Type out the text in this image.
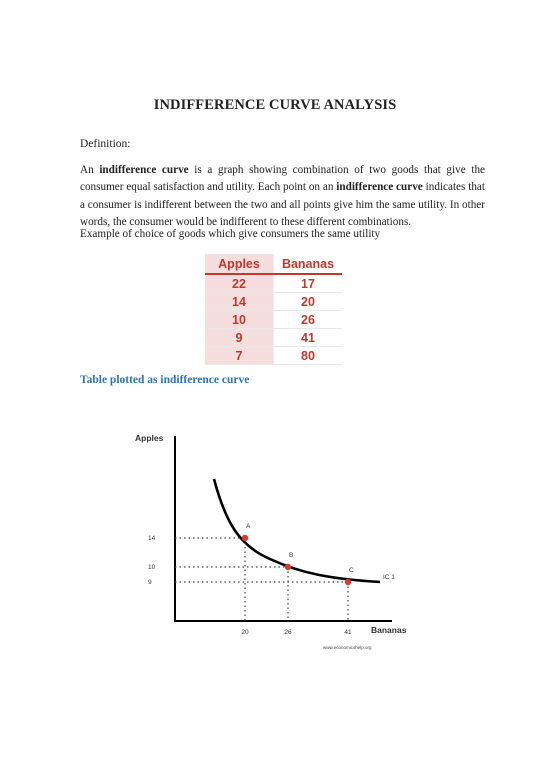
INDIFFERENCE CURVE ANALYSIS
Definition:
An indifference curve is a graph showing combination of two goods that give the consumer equal satisfaction and utility. Each point on an indifference curve indicates that a consumer is indifferent between the two and all points give him the same utility. In other words, the consumer would be indifferent to these different combinations.
Example of choice of goods which give consumers the same utility
Apples	Bananas
22	17
14	20
10	26
9	41
7	80
Table plotted as indifference curve
Apples
Bananas
IC 1
A
B
C
20	26	41
14
10
9
www.economicshelp.org
